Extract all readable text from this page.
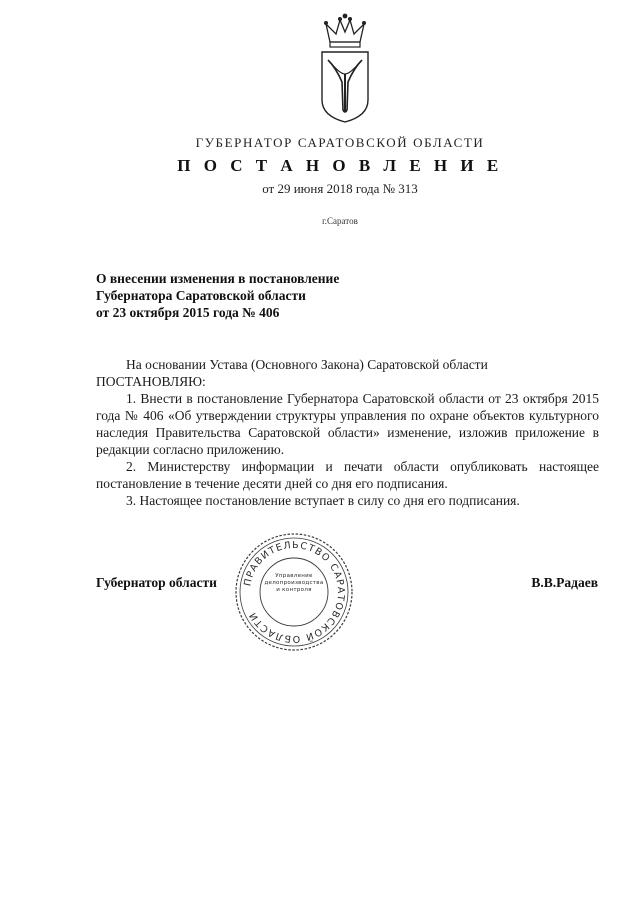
ГУБЕРНАТОР САРАТОВСКОЙ ОБЛАСТИ
П О С Т А Н О В Л Е Н И Е
от 29 июня 2018 года № 313
г.Саратов
О внесении изменения в постановление
Губернатора Саратовской области
от 23 октября 2015 года № 406

На основании Устава (Основного Закона) Саратовской области

ПОСТАНОВЛЯЮ:

1. Внести в постановление Губернатора Саратовской области от 23 октября 2015 года № 406 «Об утверждении структуры управления по охране объектов культурного наследия Правительства Саратовской области» изменение, изложив приложение в редакции согласно приложению.

2. Министерству информации и печати области опубликовать настоящее постановление в течение десяти дней со дня его подписания.

3. Настоящее постановление вступает в силу со дня его подписания.

Губернатор области	В.В.Радаев
ПРАВИТЕЛЬСТВО САРАТОВСКОЙ ОБЛАСТИ
Управление
делопроизводства
и контроля
